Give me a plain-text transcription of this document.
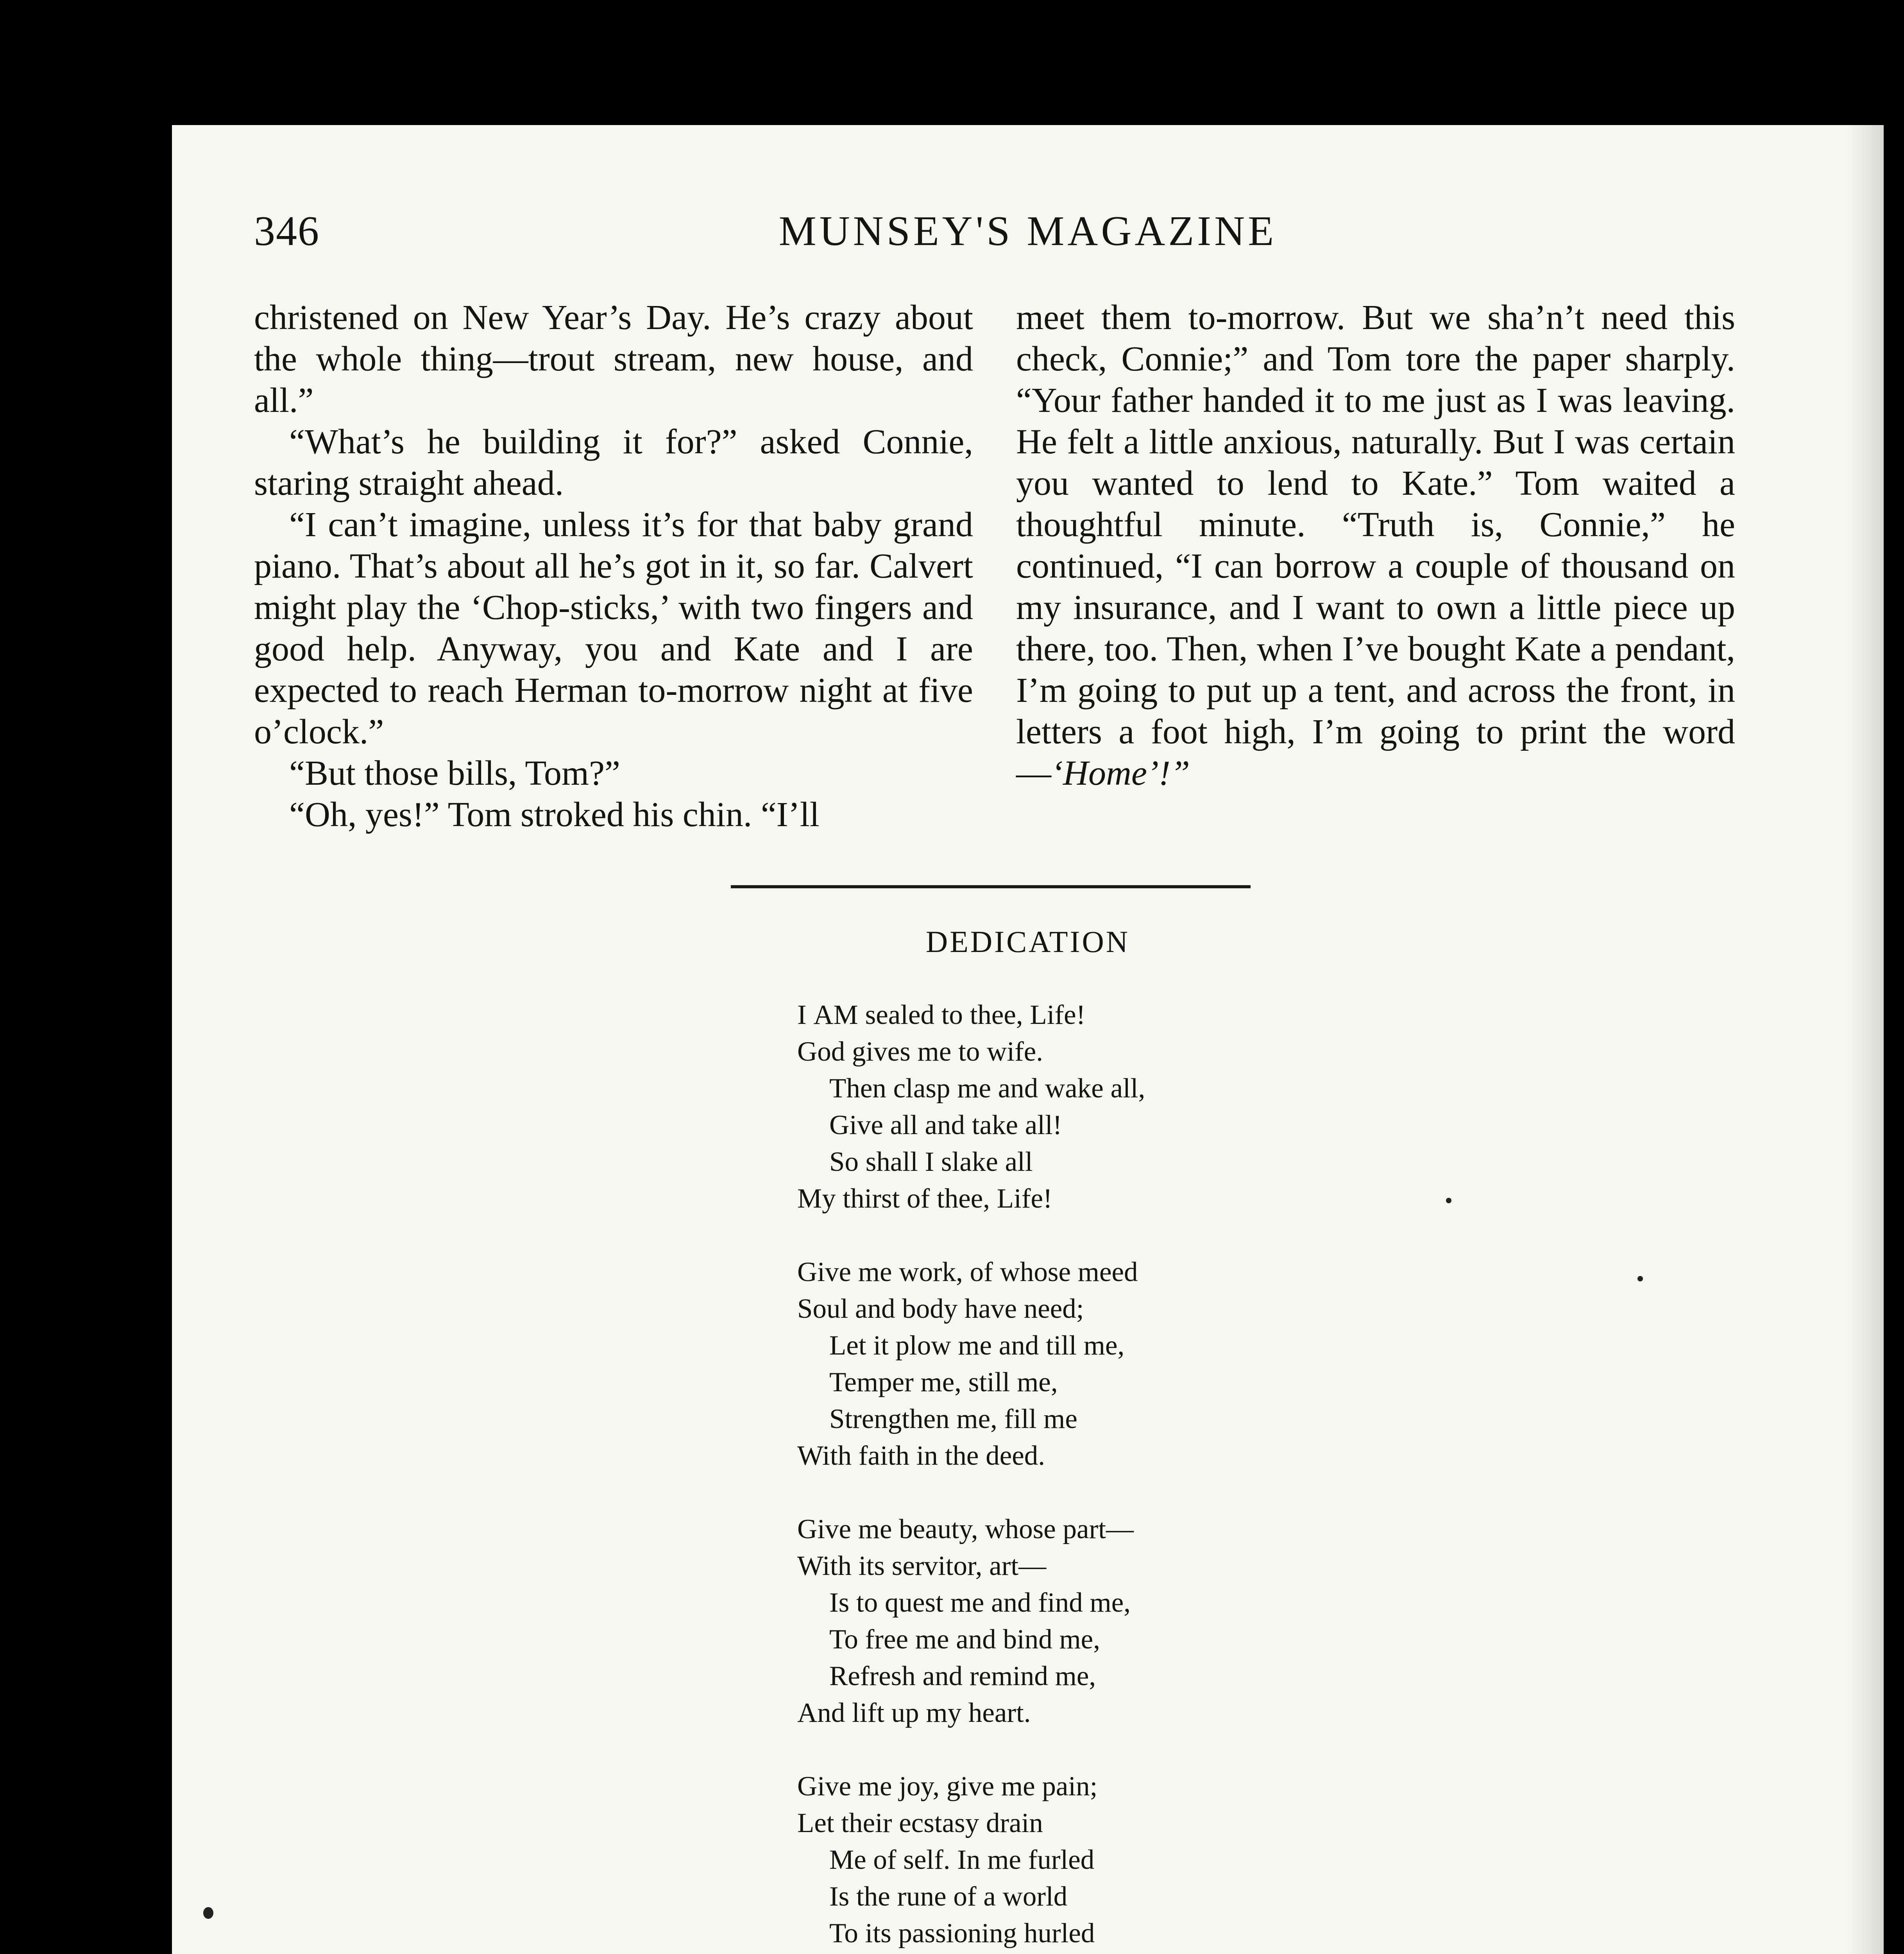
346	MUNSEY'S MAGAZINE

christened on New Year’s Day. He’s crazy about the whole thing—trout stream, new house, and all.”

“What’s he building it for?” asked Connie, staring straight ahead.

“I can’t imagine, unless it’s for that baby grand piano. That’s about all he’s got in it, so far. Calvert might play the ‘Chop-sticks,’ with two fingers and good help. Anyway, you and Kate and I are expected to reach Herman to-morrow night at five o’clock.”

“But those bills, Tom?”

“Oh, yes!” Tom stroked his chin. “I’ll

meet them to-morrow. But we sha’n’t need this check, Connie;” and Tom tore the paper sharply. “Your father handed it to me just as I was leaving. He felt a little anxious, naturally. But I was certain you wanted to lend to Kate.” Tom waited a thoughtful minute. “Truth is, Connie,” he continued, “I can borrow a couple of thousand on my insurance, and I want to own a little piece up there, too. Then, when I’ve bought Kate a pendant, I’m going to put up a tent, and across the front, in letters a foot high, I’m going to print the word—‘Home’!”

DEDICATION
I AM sealed to thee, Life!
God gives me to wife.
Then clasp me and wake all,
Give all and take all!
So shall I slake all
My thirst of thee, Life!
Give me work, of whose meed
Soul and body have need;
Let it plow me and till me,
Temper me, still me,
Strengthen me, fill me
With faith in the deed.
Give me beauty, whose part—
With its servitor, art—
Is to quest me and find me,
To free me and bind me,
Refresh and remind me,
And lift up my heart.
Give me joy, give me pain;
Let their ecstasy drain
Me of self. In me furled
Is the rune of a world
To its passioning hurled
